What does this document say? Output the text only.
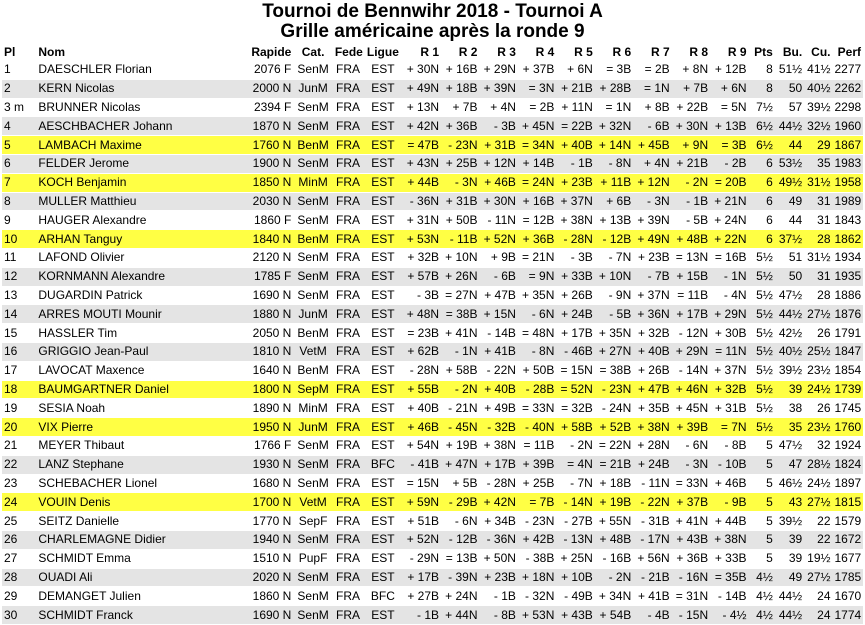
Tournoi de Bennwihr 2018 - Tournoi A
Grille américaine après la ronde 9
Pl	Nom	Rapide	Cat.	Fede	Ligue	R 1	R 2	R 3	R 4	R 5	R 6	R 7	R 8	R 9	Pts	Bu.	Cu.	Perf
1	DAESCHLER Florian	2076 F	SenM	FRA	EST	+ 30N	+ 16B	+ 29N	+ 37B	+ 6N	= 3B	= 2B	+ 8N	+ 12B	8	51½	41½	2277
2	KERN Nicolas	2000 N	JunM	FRA	EST	+ 49N	+ 18B	+ 39N	= 3N	+ 21B	+ 28B	= 1N	+ 7B	+ 6N	8	50	40½	2262
3 m	BRUNNER Nicolas	2394 F	SenM	FRA	EST	+ 13N	+ 7B	+ 4N	= 2B	+ 11N	= 1N	+ 8B	+ 22B	= 5N	7½	57	39½	2298
4	AESCHBACHER Johann	1870 N	SenM	FRA	EST	+ 42N	+ 36B	- 3B	+ 45N	= 22B	+ 32N	- 6B	+ 30N	+ 13B	6½	44½	32½	1960
5	LAMBACH Maxime	1760 N	BenM	FRA	EST	= 47B	- 23N	+ 31B	= 34N	+ 40B	+ 14N	+ 45B	+ 9N	= 3B	6½	44	29	1867
6	FELDER Jerome	1900 N	SenM	FRA	EST	+ 43N	+ 25B	+ 12N	+ 14B	- 1B	- 8N	+ 4N	+ 21B	- 2B	6	53½	35	1983
7	KOCH Benjamin	1850 N	MinM	FRA	EST	+ 44B	- 3N	+ 46B	= 24N	+ 23B	+ 11B	+ 12N	- 2N	= 20B	6	49½	31½	1958
8	MULLER Matthieu	2030 N	SenM	FRA	EST	- 36N	+ 31B	+ 30N	+ 16B	+ 37N	+ 6B	- 3N	- 1B	+ 21N	6	49	31	1989
9	HAUGER Alexandre	1860 F	SenM	FRA	EST	+ 31N	+ 50B	- 11N	= 12B	+ 38N	+ 13B	+ 39N	- 5B	+ 24N	6	44	31	1843
10	ARHAN Tanguy	1840 N	BenM	FRA	EST	+ 53N	- 11B	+ 52N	+ 36B	- 28N	- 12B	+ 49N	+ 48B	+ 22N	6	37½	28	1862
11	LAFOND Olivier	2120 N	SenM	FRA	EST	+ 32B	+ 10N	+ 9B	= 21N	- 3B	- 7N	+ 23B	= 13N	= 16B	5½	51	31½	1934
12	KORNMANN Alexandre	1785 F	SenM	FRA	EST	+ 57B	+ 26N	- 6B	= 9N	+ 33B	+ 10N	- 7B	+ 15B	- 1N	5½	50	31	1935
13	DUGARDIN Patrick	1690 N	SenM	FRA	EST	- 3B	= 27N	+ 47B	+ 35N	+ 26B	- 9N	+ 37N	= 11B	- 4N	5½	47½	28	1886
14	ARRES MOUTI Mounir	1880 N	JunM	FRA	EST	+ 48N	= 38B	+ 15N	- 6N	+ 24B	- 5B	+ 36N	+ 17B	+ 29N	5½	44½	27½	1876
15	HASSLER Tim	2050 N	BenM	FRA	EST	= 23B	+ 41N	- 14B	= 48N	+ 17B	+ 35N	+ 32B	- 12N	+ 30B	5½	42½	26	1791
16	GRIGGIO Jean-Paul	1810 N	VetM	FRA	EST	+ 62B	- 1N	+ 41B	- 8N	- 46B	+ 27N	+ 40B	+ 29N	= 11N	5½	40½	25½	1847
17	LAVOCAT Maxence	1640 N	BenM	FRA	EST	- 28N	+ 58B	- 22N	+ 50B	= 15N	= 38B	+ 26B	- 14N	+ 37N	5½	39½	23½	1854
18	BAUMGARTNER Daniel	1800 N	SepM	FRA	EST	+ 55B	- 2N	+ 40B	- 28B	= 52N	- 23N	+ 47B	+ 46N	+ 32B	5½	39	24½	1739
19	SESIA Noah	1890 N	MinM	FRA	EST	+ 40B	- 21N	+ 49B	= 33N	= 32B	- 24N	+ 35B	+ 45N	+ 31B	5½	38	26	1745
20	VIX Pierre	1950 N	JunM	FRA	EST	+ 46B	- 45N	- 32B	- 40N	+ 58B	+ 52B	+ 38N	+ 39B	= 7N	5½	35	23½	1760
21	MEYER Thibaut	1766 F	SenM	FRA	EST	+ 54N	+ 19B	+ 38N	= 11B	- 2N	= 22N	+ 28N	- 6N	- 8B	5	47½	32	1924
22	LANZ Stephane	1930 N	SenM	FRA	BFC	- 41B	+ 47N	+ 17B	+ 39B	= 4N	= 21B	+ 24B	- 3N	- 10B	5	47	28½	1824
23	SCHEBACHER Lionel	1680 N	SenM	FRA	EST	= 15N	+ 5B	- 28N	+ 25B	- 7N	+ 18B	- 11N	= 33N	+ 46B	5	46½	24½	1897
24	VOUIN Denis	1700 N	VetM	FRA	EST	+ 59N	- 29B	+ 42N	= 7B	- 14N	+ 19B	- 22N	+ 37B	- 9B	5	43	27½	1815
25	SEITZ Danielle	1770 N	SepF	FRA	EST	+ 51B	- 6N	+ 34B	- 23N	- 27B	+ 55N	- 31B	+ 41N	+ 44B	5	39½	22	1579
26	CHARLEMAGNE Didier	1940 N	SenM	FRA	EST	+ 52N	- 12B	- 36N	+ 42B	- 13N	+ 48B	- 17N	+ 43B	+ 38N	5	39	22	1672
27	SCHMIDT Emma	1510 N	PupF	FRA	EST	- 29N	= 13B	+ 50N	- 38B	+ 25N	- 16B	+ 56N	+ 36B	+ 33B	5	39	19½	1677
28	OUADI Ali	2020 N	SenM	FRA	EST	+ 17B	- 39N	+ 23B	+ 18N	+ 10B	- 2N	- 21B	- 16N	= 35B	4½	49	27½	1785
29	DEMANGET Julien	1860 N	SenM	FRA	BFC	+ 27B	+ 24N	- 1B	- 32N	- 49B	+ 34N	+ 41B	= 31N	- 14B	4½	44½	24	1670
30	SCHMIDT Franck	1690 N	SenM	FRA	EST	- 1B	+ 44N	- 8B	+ 53N	+ 43B	+ 54B	- 4B	- 15N	- 4½	4½	44½	24	1774
